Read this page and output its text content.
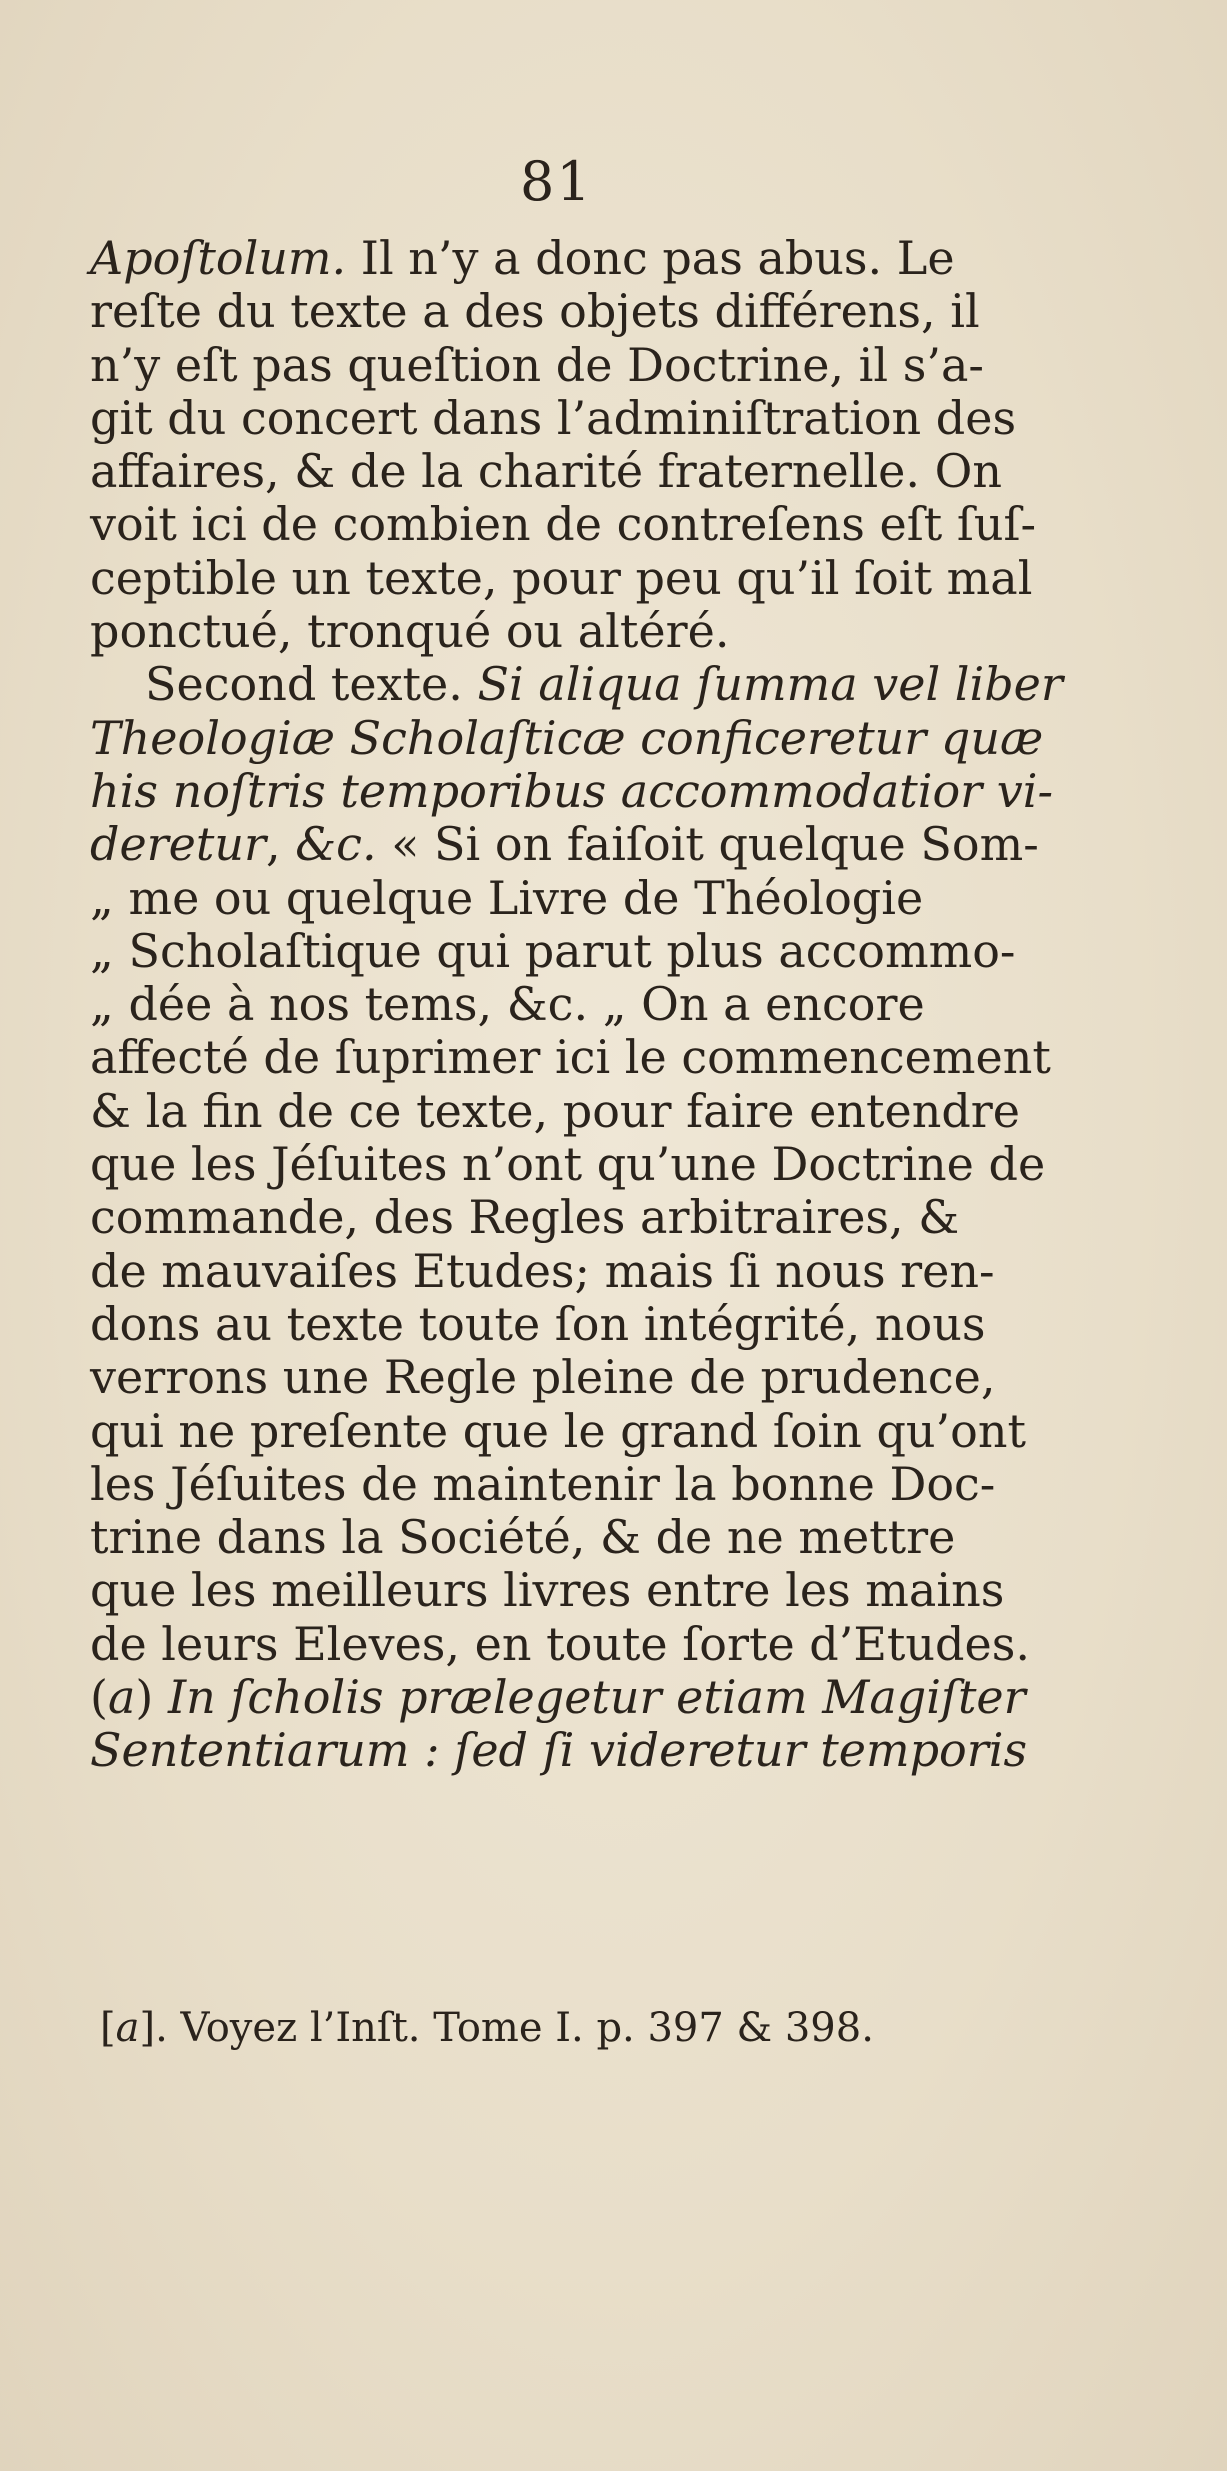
81
Apoſtolum. Il n’y a donc pas abus. Le
reſte du texte a des objets différens, il
n’y eſt pas queſtion de Doctrine, il s’a-
git du concert dans l’adminiſtration des
affaires, & de la charité fraternelle. On
voit ici de combien de contreſens eſt ſuſ-
ceptible un texte, pour peu qu’il ſoit mal
ponctué, tronqué ou altéré.
Second texte. Si aliqua ſumma vel liber
Theologiæ Scholaſticæ conficeretur quæ
his noſtris temporibus accommodatior vi-
deretur, &c. « Si on faiſoit quelque Som-
„ me ou quelque Livre de Théologie
„ Scholaſtique qui parut plus accommo-
„ dée à nos tems, &c. „ On a encore
affecté de ſuprimer ici le commencement
& la fin de ce texte, pour faire entendre
que les Jéſuites n’ont qu’une Doctrine de
commande, des Regles arbitraires, &
de mauvaiſes Etudes; mais ſi nous ren-
dons au texte toute ſon intégrité, nous
verrons une Regle pleine de prudence,
qui ne preſente que le grand ſoin qu’ont
les Jéſuites de maintenir la bonne Doc-
trine dans la Société, & de ne mettre
que les meilleurs livres entre les mains
de leurs Eleves, en toute ſorte d’Etudes.
(a) In ſcholis prælegetur etiam Magiſter
Sententiarum : ſed ſi videretur temporis
[a]. Voyez l’Inſt. Tome I. p. 397 & 398.
